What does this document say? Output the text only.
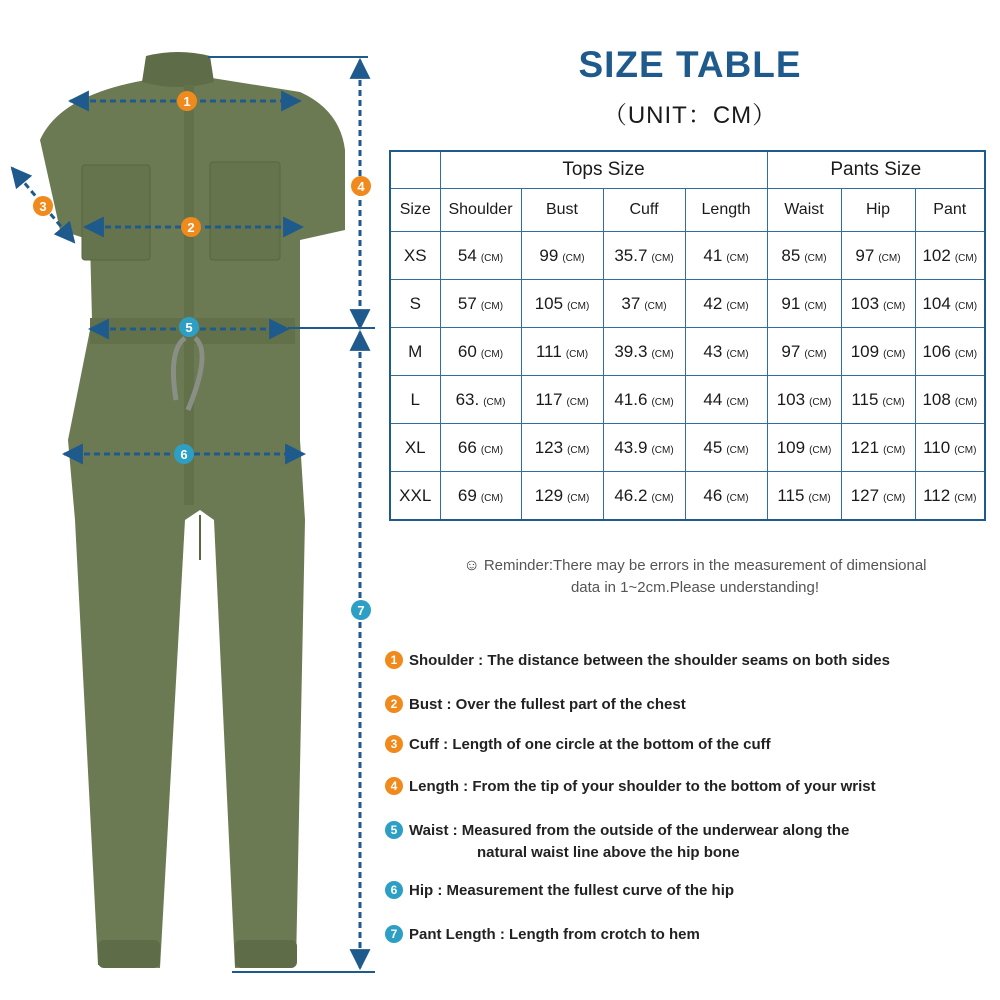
1
2
3
4
5
6
7
SIZE TABLE
（UNIT：CM）
	Tops Size				Pants Size		
Size	Shoulder	Bust	Cuff	Length	Waist	Hip	Pant
XS	54 (CM)	99 (CM)	35.7 (CM)	41 (CM)	85 (CM)	97 (CM)	102 (CM)
S	57 (CM)	105 (CM)	37 (CM)	42 (CM)	91 (CM)	103 (CM)	104 (CM)
M	60 (CM)	111 (CM)	39.3 (CM)	43 (CM)	97 (CM)	109 (CM)	106 (CM)
L	63. (CM)	117 (CM)	41.6 (CM)	44 (CM)	103 (CM)	115 (CM)	108 (CM)
XL	66 (CM)	123 (CM)	43.9 (CM)	45 (CM)	109 (CM)	121 (CM)	110 (CM)
XXL	69 (CM)	129 (CM)	46.2 (CM)	46 (CM)	115 (CM)	127 (CM)	112 (CM)
☺ Reminder:There may be errors in the measurement of dimensional
data in 1~2cm.Please understanding!
1 Shoulder : The distance between the shoulder seams on both sides
2 Bust : Over the fullest part of the chest
3 Cuff : Length of one circle at the bottom of the cuff
4 Length : From the tip of your shoulder to the bottom of your wrist
5 Waist : Measured from the outside of the underwear along the
natural waist line above the hip bone
6 Hip : Measurement the fullest curve of the hip
7 Pant Length : Length from crotch to hem
